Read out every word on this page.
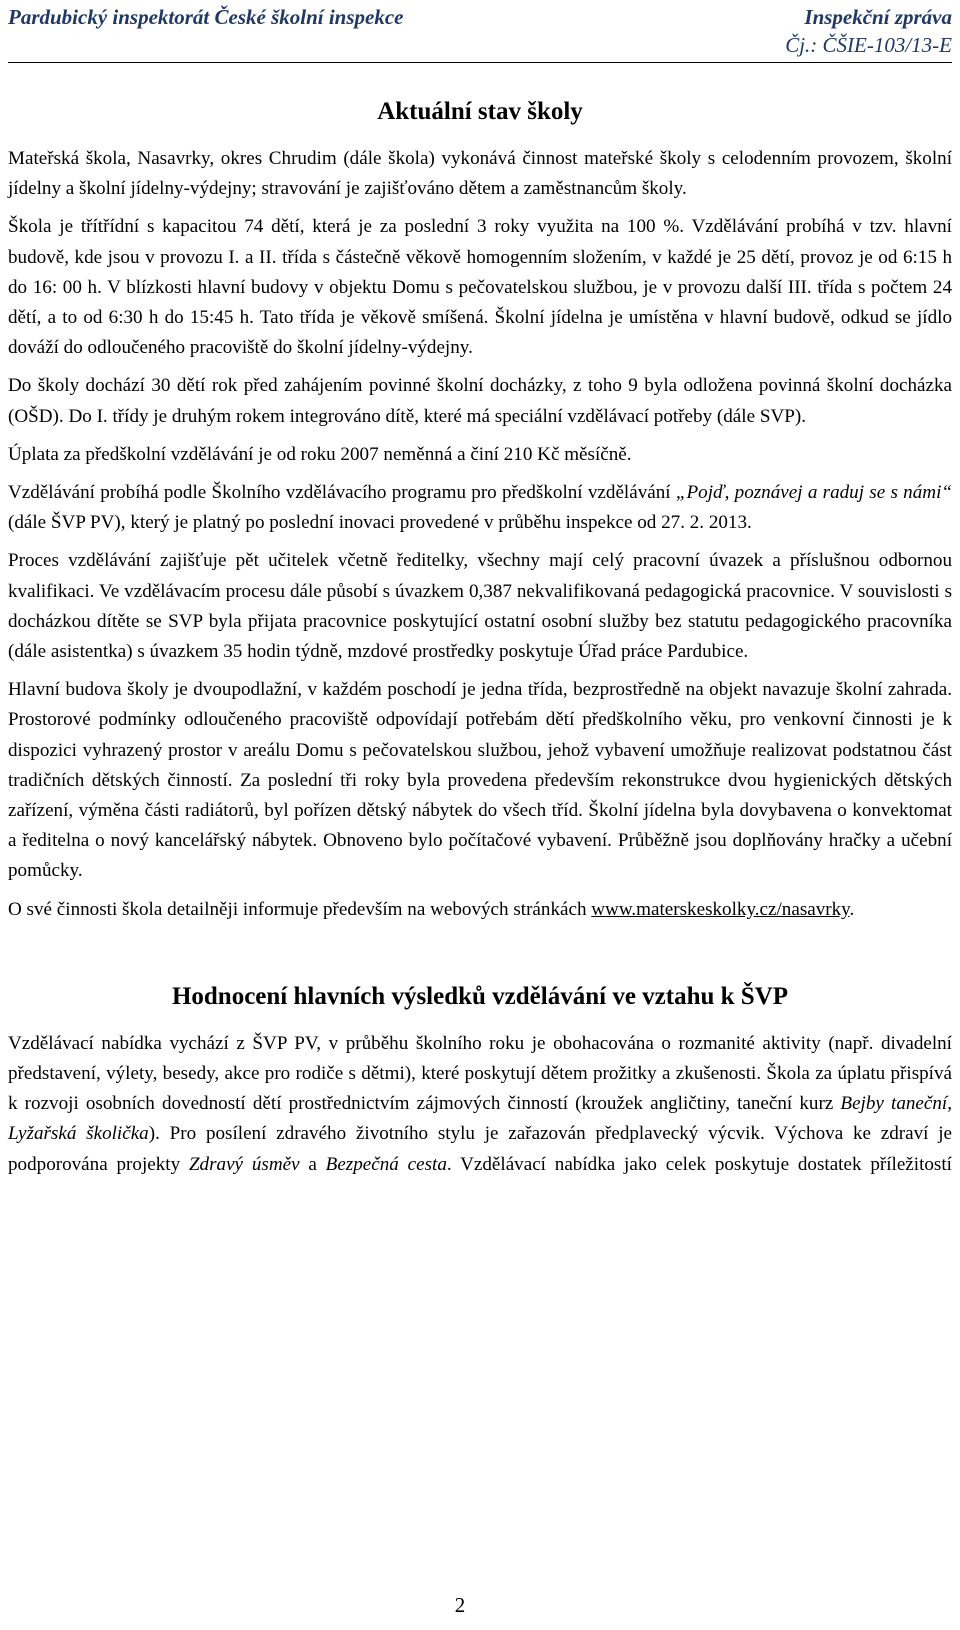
Pardubický inspektorát České školní inspekce	Inspekční zpráva
Čj.: ČŠIE-103/13-E
Aktuální stav školy

Mateřská škola, Nasavrky, okres Chrudim (dále škola) vykonává činnost mateřské školy s celodenním provozem, školní jídelny a školní jídelny-výdejny; stravování je zajišťováno dětem a zaměstnancům školy.

Škola je třítřídní s kapacitou 74 dětí, která je za poslední 3 roky využita na 100 %. Vzdělávání probíhá v tzv. hlavní budově, kde jsou v provozu I. a II. třída s částečně věkově homogenním složením, v každé je 25 dětí, provoz je od 6:15 h do 16: 00 h. V blízkosti hlavní budovy v objektu Domu s pečovatelskou službou, je v provozu další III. třída s počtem 24 dětí, a to od 6:30 h do 15:45 h. Tato třída je věkově smíšená. Školní jídelna je umístěna v hlavní budově, odkud se jídlo dováží do odloučeného pracoviště do školní jídelny-výdejny.

Do školy dochází 30 dětí rok před zahájením povinné školní docházky, z toho 9 byla odložena povinná školní docházka (OŠD). Do I. třídy je druhým rokem integrováno dítě, které má speciální vzdělávací potřeby (dále SVP).

Úplata za předškolní vzdělávání je od roku 2007 neměnná a činí 210 Kč měsíčně.

Vzdělávání probíhá podle Školního vzdělávacího programu pro předškolní vzdělávání „Pojď, poznávej a raduj se s námi“ (dále ŠVP PV), který je platný po poslední inovaci provedené v průběhu inspekce od 27. 2. 2013.

Proces vzdělávání zajišťuje pět učitelek včetně ředitelky, všechny mají celý pracovní úvazek a příslušnou odbornou kvalifikaci. Ve vzdělávacím procesu dále působí s úvazkem 0,387 nekvalifikovaná pedagogická pracovnice. V souvislosti s docházkou dítěte se SVP byla přijata pracovnice poskytující ostatní osobní služby bez statutu pedagogického pracovníka (dále asistentka) s úvazkem 35 hodin týdně, mzdové prostředky poskytuje Úřad práce Pardubice.

Hlavní budova školy je dvoupodlažní, v každém poschodí je jedna třída, bezprostředně na objekt navazuje školní zahrada. Prostorové podmínky odloučeného pracoviště odpovídají potřebám dětí předškolního věku, pro venkovní činnosti je k dispozici vyhrazený prostor v areálu Domu s pečovatelskou službou, jehož vybavení umožňuje realizovat podstatnou část tradičních dětských činností. Za poslední tři roky byla provedena především rekonstrukce dvou hygienických dětských zařízení, výměna části radiátorů, byl pořízen dětský nábytek do všech tříd. Školní jídelna byla dovybavena o konvektomat a ředitelna o nový kancelářský nábytek. Obnoveno bylo počítačové vybavení. Průběžně jsou doplňovány hračky a učební pomůcky.

O své činnosti škola detailněji informuje především na webových stránkách www.materskeskolky.cz/nasavrky.

Hodnocení hlavních výsledků vzdělávání ve vztahu k ŠVP

Vzdělávací nabídka vychází z ŠVP PV, v průběhu školního roku je obohacována o rozmanité aktivity (např. divadelní představení, výlety, besedy, akce pro rodiče s dětmi), které poskytují dětem prožitky a zkušenosti. Škola za úplatu přispívá k rozvoji osobních dovedností dětí prostřednictvím zájmových činností (kroužek angličtiny, taneční kurz Bejby taneční, Lyžařská školička). Pro posílení zdravého životního stylu je zařazován předplavecký výcvik. Výchova ke zdraví je podporována projekty Zdravý úsměv a Bezpečná cesta. Vzdělávací nabídka jako celek poskytuje dostatek příležitostí

2
